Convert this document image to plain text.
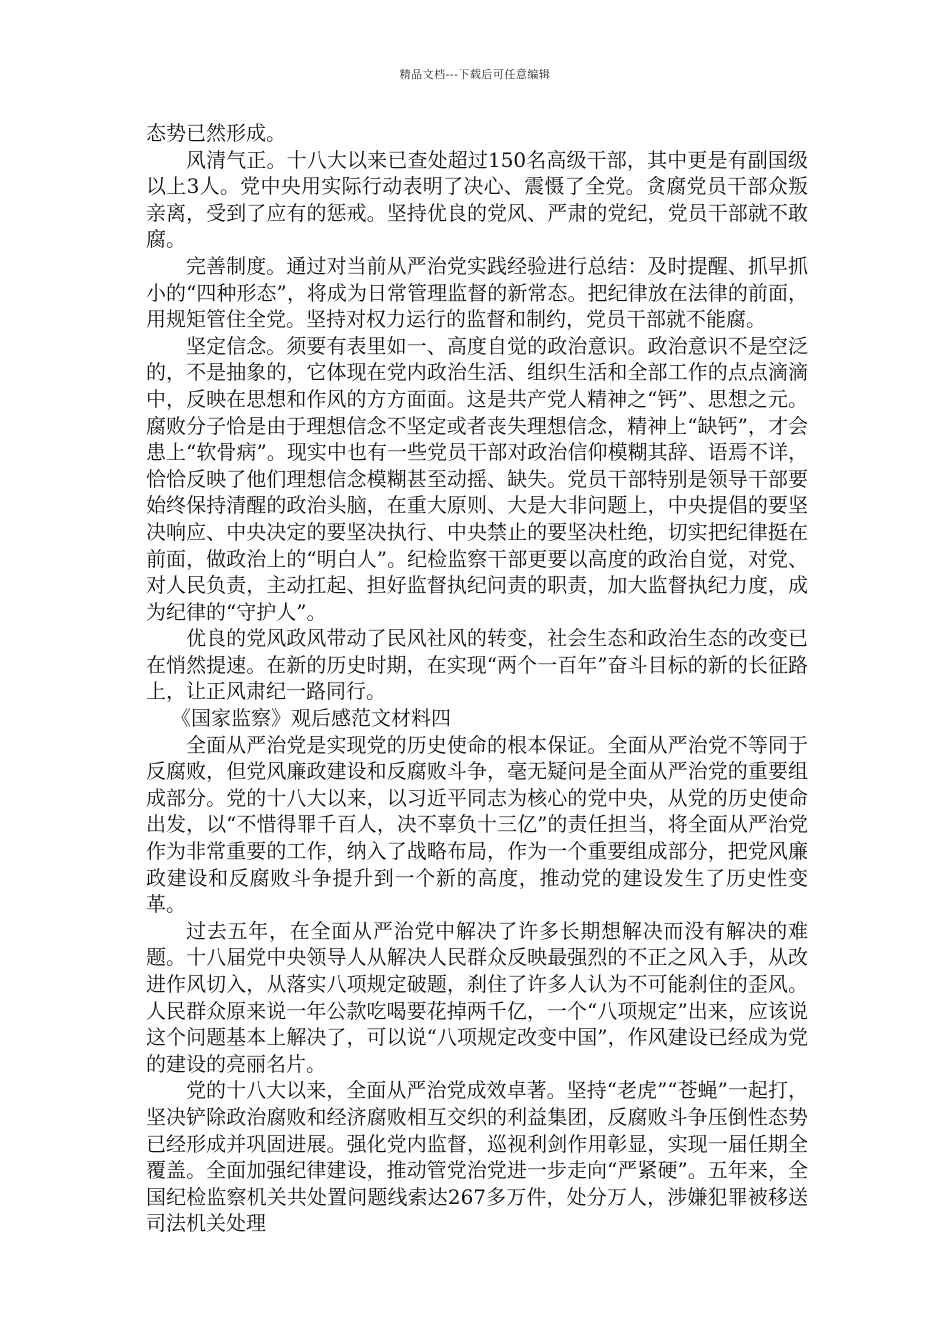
精品文档---下载后可任意编辑

态势已然形成。

风清气正。十八大以来已查处超过150名高级干部，其中更是有副国级以上3人。党中央用实际行动表明了决心、震慑了全党。贪腐党员干部众叛亲离，受到了应有的惩戒。坚持优良的党风、严肃的党纪，党员干部就不敢腐。

完善制度。通过对当前从严治党实践经验进行总结：及时提醒、抓早抓小的“四种形态”，将成为日常管理监督的新常态。把纪律放在法律的前面，用规矩管住全党。坚持对权力运行的监督和制约，党员干部就不能腐。

坚定信念。须要有表里如一、高度自觉的政治意识。政治意识不是空泛的，不是抽象的，它体现在党内政治生活、组织生活和全部工作的点点滴滴中，反映在思想和作风的方方面面。这是共产党人精神之“钙”、思想之元。腐败分子恰是由于理想信念不坚定或者丧失理想信念，精神上“缺钙”，才会患上“软骨病”。现实中也有一些党员干部对政治信仰模糊其辞、语焉不详，恰恰反映了他们理想信念模糊甚至动摇、缺失。党员干部特别是领导干部要始终保持清醒的政治头脑，在重大原则、大是大非问题上，中央提倡的要坚决响应、中央决定的要坚决执行、中央禁止的要坚决杜绝，切实把纪律挺在前面，做政治上的“明白人”。纪检监察干部更要以高度的政治自觉，对党、对人民负责，主动扛起、担好监督执纪问责的职责，加大监督执纪力度，成为纪律的“守护人”。

优良的党风政风带动了民风社风的转变，社会生态和政治生态的改变已在悄然提速。在新的历史时期，在实现“两个一百年”奋斗目标的新的长征路上，让正风肃纪一路同行。

《国家监察》观后感范文材料四

全面从严治党是实现党的历史使命的根本保证。全面从严治党不等同于反腐败，但党风廉政建设和反腐败斗争，毫无疑问是全面从严治党的重要组成部分。党的十八大以来，以习近平同志为核心的党中央，从党的历史使命出发，以“不惜得罪千百人，决不辜负十三亿”的责任担当，将全面从严治党作为非常重要的工作，纳入了战略布局，作为一个重要组成部分，把党风廉政建设和反腐败斗争提升到一个新的高度，推动党的建设发生了历史性变革。

过去五年，在全面从严治党中解决了许多长期想解决而没有解决的难题。十八届党中央领导人从解决人民群众反映最强烈的不正之风入手，从改进作风切入，从落实八项规定破题，刹住了许多人认为不可能刹住的歪风。人民群众原来说一年公款吃喝要花掉两千亿，一个“八项规定”出来，应该说这个问题基本上解决了，可以说“八项规定改变中国”，作风建设已经成为党的建设的亮丽名片。

党的十八大以来，全面从严治党成效卓著。坚持“老虎”“苍蝇”一起打，坚决铲除政治腐败和经济腐败相互交织的利益集团，反腐败斗争压倒性态势已经形成并巩固进展。强化党内监督，巡视利剑作用彰显，实现一届任期全覆盖。全面加强纪律建设，推动管党治党进一步走向“严紧硬”。五年来，全国纪检监察机关共处置问题线索达267多万件，处分万人，涉嫌犯罪被移送司法机关处理
